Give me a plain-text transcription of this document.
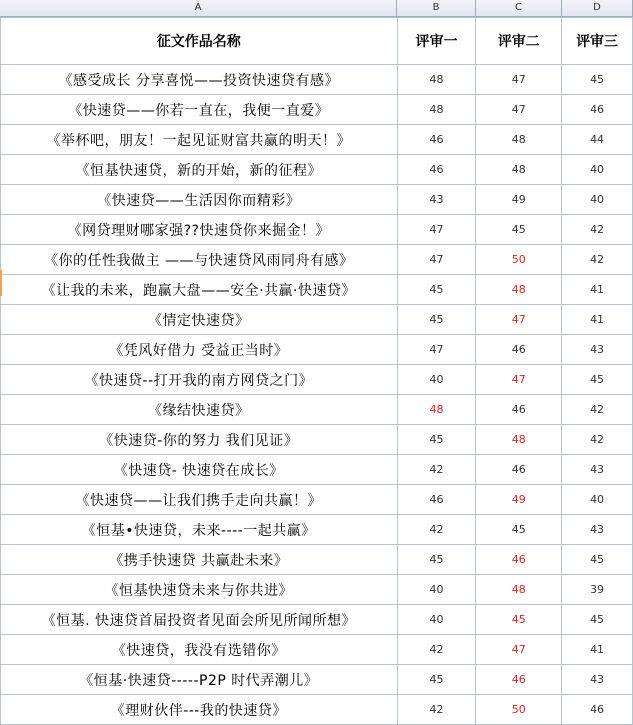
A	B	C	D
征文作品名称	评审一	评审二	评审三
《感受成长 分享喜悦——投资快速贷有感》	48	47	45
《快速贷——你若一直在，我便一直爱》	48	47	46
《举杯吧，朋友！一起见证财富共赢的明天！》	46	48	44
《恒基快速贷，新的开始，新的征程》	46	48	40
《快速贷——生活因你而精彩》	43	49	40
《网贷理财哪家强??快速贷你来掘金！》	47	45	42
《你的任性我做主 ——与快速贷风雨同舟有感》	47	50	42
《让我的未来，跑赢大盘——安全·共赢·快速贷》	45	48	41
《情定快速贷》	45	47	41
《凭风好借力 受益正当时》	47	46	43
《快速贷--打开我的南方网贷之门》	40	47	45
《缘结快速贷》	48	46	42
《快速贷-你的努力 我们见证》	45	48	42
《快速贷- 快速贷在成长》	42	46	43
《快速贷——让我们携手走向共赢！》	46	49	40
《恒基•快速贷，未来----一起共赢》	42	45	43
《携手快速贷 共赢赴未来》	45	46	45
《恒基快速贷未来与你共进》	40	48	39
《恒基. 快速贷首届投资者见面会所见所闻所想》	40	45	45
《快速贷，我没有选错你》	42	47	41
《恒基·快速贷-----P2P 时代弄潮儿》	45	46	43
《理财伙伴---我的快速贷》	42	50	46
